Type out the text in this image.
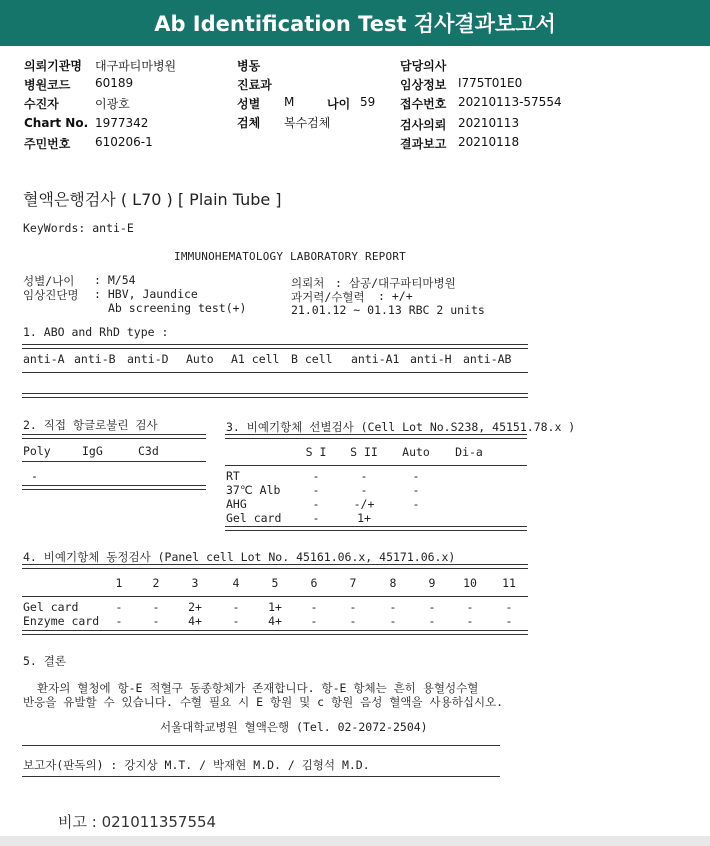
Ab Identification Test 검사결과보고서
의뢰기관명 대구파티마병원
병원코드 60189
수진자	이광호
Chart No. 1977342
주민번호 610206-1
병동
진료과
성별 M	나이 59
검체 복수검체
담당의사
임상정보 I775T01E0
접수번호 20210113-57554
검사의뢰 20210113
결과보고 20210118
혈액은행검사 ( L70 ) [ Plain Tube ]
KeyWords: anti-E
IMMUNOHEMATOLOGY LABORATORY REPORT
성별/나이 : M/54
임상진단명 : HBV, Jaundice
Ab screening test(+)
의뢰처 : 삼공/대구파티마병원
과거력/수혈력 : +/+
21.01.12 ~ 01.13 RBC 2 units
1. ABO and RhD type :
anti-A anti-B anti-D Auto A1 cell B cell anti-A1 anti-H anti-AB
2. 직접 항글로불린 검사
Poly	IgG	C3d
-
3. 비예기항체 선별검사 (Cell Lot No.S238, 45151.78.x )
S I	S II	Auto	Di-a
RT	-	-	-
37℃ Alb	-	-	-
AHG	-	-/+	-
Gel card	-	1+
4. 비예기항체 동정검사 (Panel cell Lot No. 45161.06.x, 45171.06.x)
1	2	3	4	5	6	7	8	9	10	11
Gel card	-	-	2+	-	1+	-	-	-	-	-	-
Enzyme card	-	-	4+	-	4+	-	-	-	-	-	-
5. 결론
환자의 혈청에 항-E 적혈구 동종항체가 존재합니다. 항-E 항체는 흔히 용혈성수혈
반응을 유발할 수 있습니다. 수혈 필요 시 E 항원 및 c 항원 음성 혈액을 사용하십시오.
서울대학교병원 혈액은행 (Tel. 02-2072-2504)
보고자(판독의) : 강지상 M.T. / 박재현 M.D. / 김형석 M.D.
비고 : 021011357554
